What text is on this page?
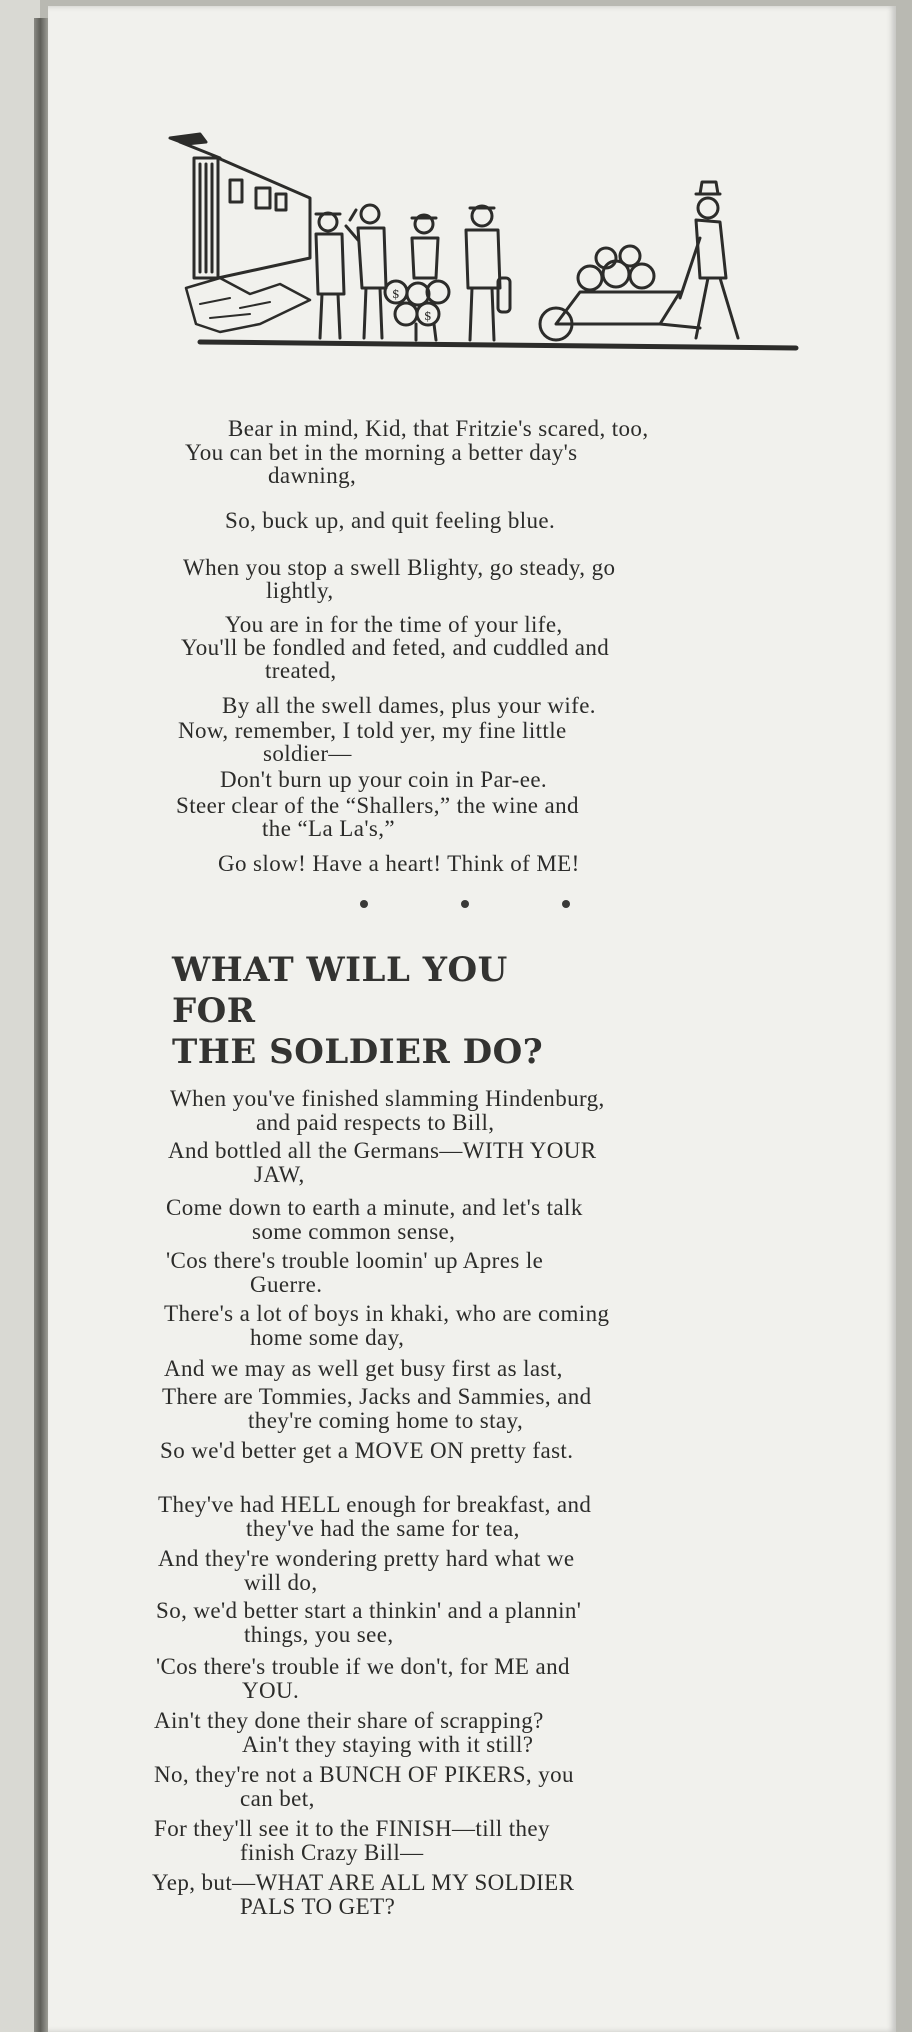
$
$
Bear in mind, Kid, that Fritzie's scared, too,
You can bet in the morning a better day's
dawning,
So, buck up, and quit feeling blue.
When you stop a swell Blighty, go steady, go
lightly,
You are in for the time of your life,
You'll be fondled and feted, and cuddled and
treated,
By all the swell dames, plus your wife.
Now, remember, I told yer, my fine little
soldier—
Don't burn up your coin in Par-ee.
Steer clear of the “Shallers,” the wine and
the “La La's,”
Go slow! Have a heart! Think of ME!
WHAT WILL YOU
FOR
THE SOLDIER DO?
When you've finished slamming Hindenburg,
and paid respects to Bill,
And bottled all the Germans—WITH YOUR
JAW,
Come down to earth a minute, and let's talk
some common sense,
'Cos there's trouble loomin' up Apres le
Guerre.
There's a lot of boys in khaki, who are coming
home some day,
And we may as well get busy first as last,
There are Tommies, Jacks and Sammies, and
they're coming home to stay,
So we'd better get a MOVE ON pretty fast.
They've had HELL enough for breakfast, and
they've had the same for tea,
And they're wondering pretty hard what we
will do,
So, we'd better start a thinkin' and a plannin'
things, you see,
'Cos there's trouble if we don't, for ME and
YOU.
Ain't they done their share of scrapping?
Ain't they staying with it still?
No, they're not a BUNCH OF PIKERS, you
can bet,
For they'll see it to the FINISH—till they
finish Crazy Bill—
Yep, but—WHAT ARE ALL MY SOLDIER
PALS TO GET?
